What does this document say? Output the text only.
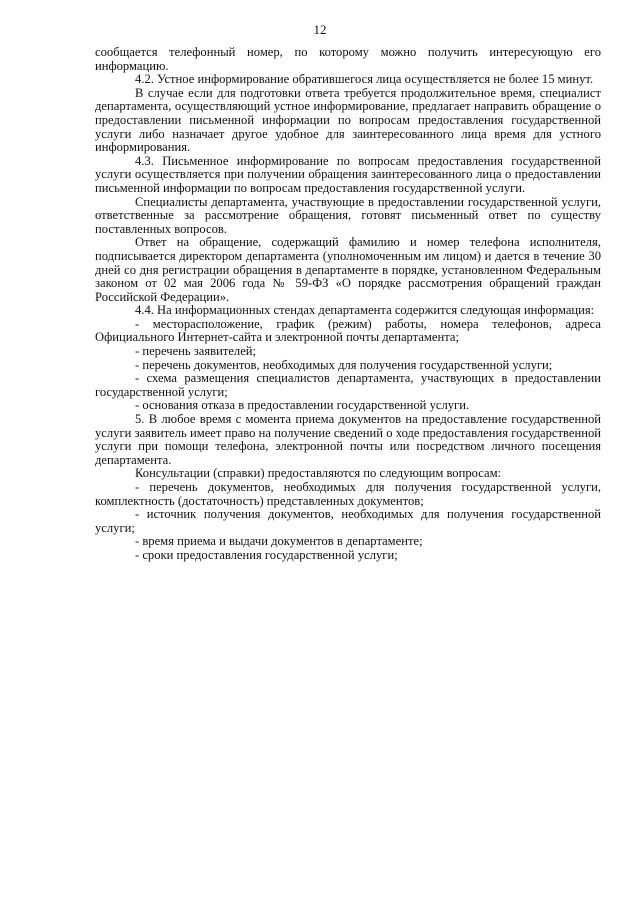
12

сообщается телефонный номер, по которому можно получить интересующую его информацию.

4.2. Устное информирование обратившегося лица осуществляется не более 15 минут.

В случае если для подготовки ответа требуется продолжительное время, специалист департамента, осуществляющий устное информирование, предлагает направить обращение о предоставлении письменной информации по вопросам предоставления государственной услуги либо назначает другое удобное для заинтересованного лица время для устного информирования.

4.3. Письменное информирование по вопросам предоставления государственной услуги осуществляется при получении обращения заинтересованного лица о предоставлении письменной информации по вопросам предоставления государственной услуги.

Специалисты департамента, участвующие в предоставлении государственной услуги, ответственные за рассмотрение обращения, готовят письменный ответ по существу поставленных вопросов.

Ответ на обращение, содержащий фамилию и номер телефона исполнителя, подписывается директором департамента (уполномоченным им лицом) и дается в течение 30 дней со дня регистрации обращения в департаменте в порядке, установленном Федеральным законом от 02 мая 2006 года № 59-ФЗ «О порядке рассмотрения обращений граждан Российской Федерации».

4.4. На информационных стендах департамента содержится следующая информация:

- месторасположение, график (режим) работы, номера телефонов, адреса Официального Интернет-сайта и электронной почты департамента;

- перечень заявителей;

- перечень документов, необходимых для получения государственной услуги;

- схема размещения специалистов департамента, участвующих в предоставлении государственной услуги;

- основания отказа в предоставлении государственной услуги.

5. В любое время с момента приема документов на предоставление государственной услуги заявитель имеет право на получение сведений о ходе предоставления государственной услуги при помощи телефона, электронной почты или посредством личного посещения департамента.

Консультации (справки) предоставляются по следующим вопросам:

- перечень документов, необходимых для получения государственной услуги, комплектность (достаточность) представленных документов;

- источник получения документов, необходимых для получения государственной услуги;

- время приема и выдачи документов в департаменте;

- сроки предоставления государственной услуги;
